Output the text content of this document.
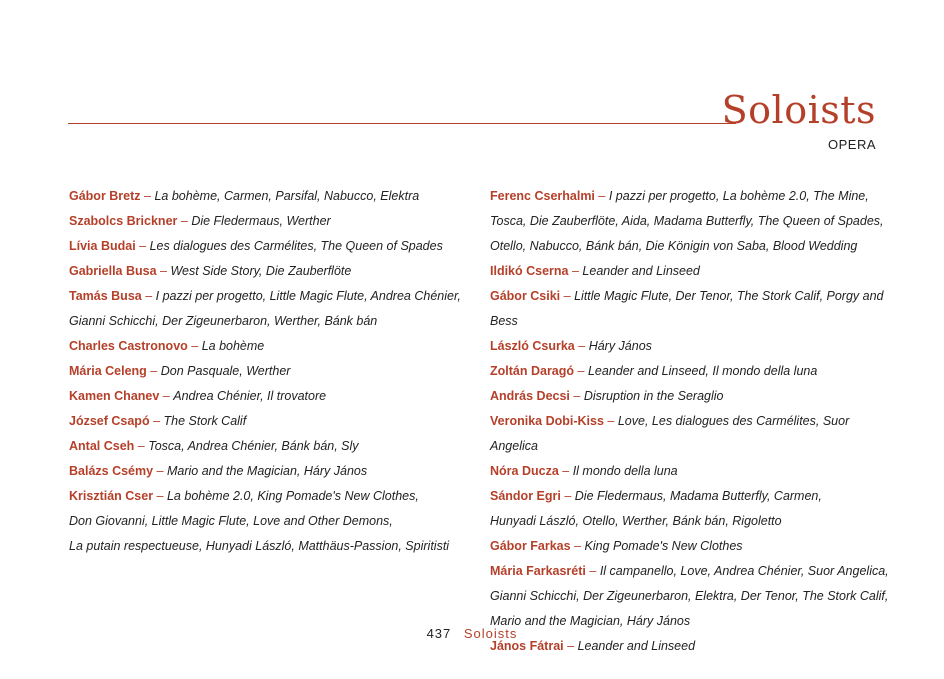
Soloists
OPERA
Gábor Bretz – La bohème, Carmen, Parsifal, Nabucco, Elektra
Szabolcs Brickner – Die Fledermaus, Werther
Lívia Budai – Les dialogues des Carmélites, The Queen of Spades
Gabriella Busa – West Side Story, Die Zauberflöte
Tamás Busa – I pazzi per progetto, Little Magic Flute, Andrea Chénier,
Gianni Schicchi, Der Zigeunerbaron, Werther, Bánk bán
Charles Castronovo – La bohème
Mária Celeng – Don Pasquale, Werther
Kamen Chanev – Andrea Chénier, Il trovatore
József Csapó – The Stork Calif
Antal Cseh – Tosca, Andrea Chénier, Bánk bán, Sly
Balázs Csémy – Mario and the Magician, Háry János
Krisztián Cser – La bohème 2.0, King Pomade's New Clothes,
Don Giovanni, Little Magic Flute, Love and Other Demons,
La putain respectueuse, Hunyadi László, Matthäus-Passion, Spiritisti
Ferenc Cserhalmi – I pazzi per progetto, La bohème 2.0, The Mine,
Tosca, Die Zauberflöte, Aida, Madama Butterfly, The Queen of Spades,
Otello, Nabucco, Bánk bán, Die Königin von Saba, Blood Wedding
Ildikó Cserna – Leander and Linseed
Gábor Csiki – Little Magic Flute, Der Tenor, The Stork Calif, Porgy and Bess
László Csurka – Háry János
Zoltán Daragó – Leander and Linseed, Il mondo della luna
András Decsi – Disruption in the Seraglio
Veronika Dobi-Kiss – Love, Les dialogues des Carmélites, Suor Angelica
Nóra Ducza – Il mondo della luna
Sándor Egri – Die Fledermaus, Madama Butterfly, Carmen,
Hunyadi László, Otello, Werther, Bánk bán, Rigoletto
Gábor Farkas – King Pomade's New Clothes
Mária Farkasréti – Il campanello, Love, Andrea Chénier, Suor Angelica,
Gianni Schicchi, Der Zigeunerbaron, Elektra, Der Tenor, The Stork Calif,
Mario and the Magician, Háry János
János Fátrai – Leander and Linseed
437 Soloists
